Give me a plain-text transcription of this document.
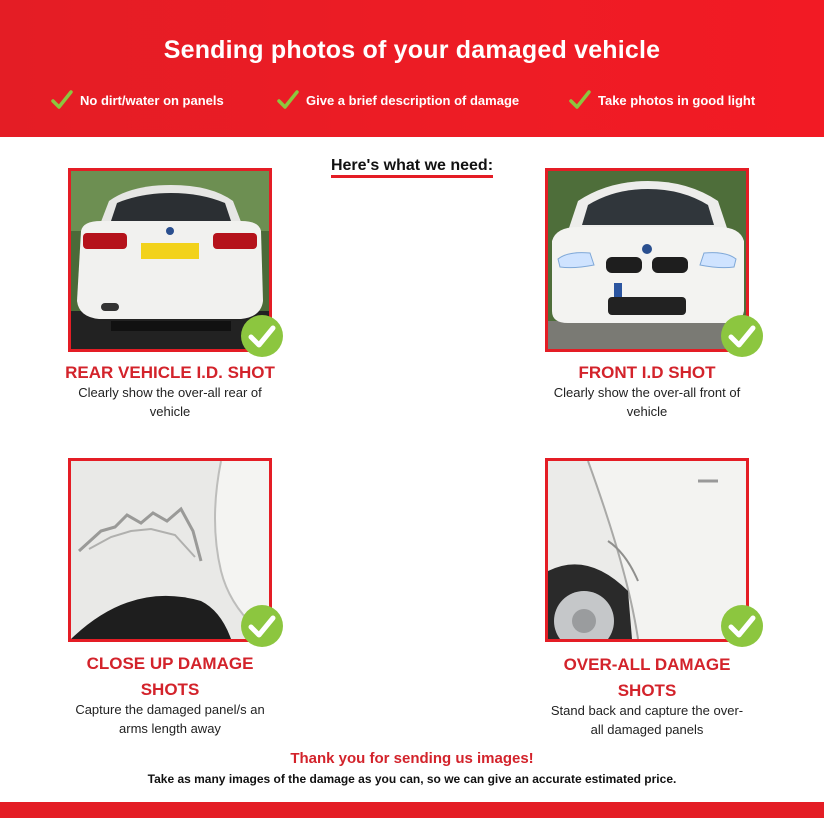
Sending photos of your damaged vehicle
No dirt/water on panels	Give a brief description of damage	Take photos in good light
Here's what we need:
REAR VEHICLE I.D. SHOT
Clearly show the over-all rear of
vehicle
FRONT I.D SHOT
Clearly show the over-all front of
vehicle
CLOSE UP DAMAGE
SHOTS
Capture the damaged panel/s an
arms length away
OVER-ALL DAMAGE
SHOTS
Stand back and capture the over-
all damaged panels
Thank you for sending us images!
Take as many images of the damage as you can, so we can give an accurate estimated price.
